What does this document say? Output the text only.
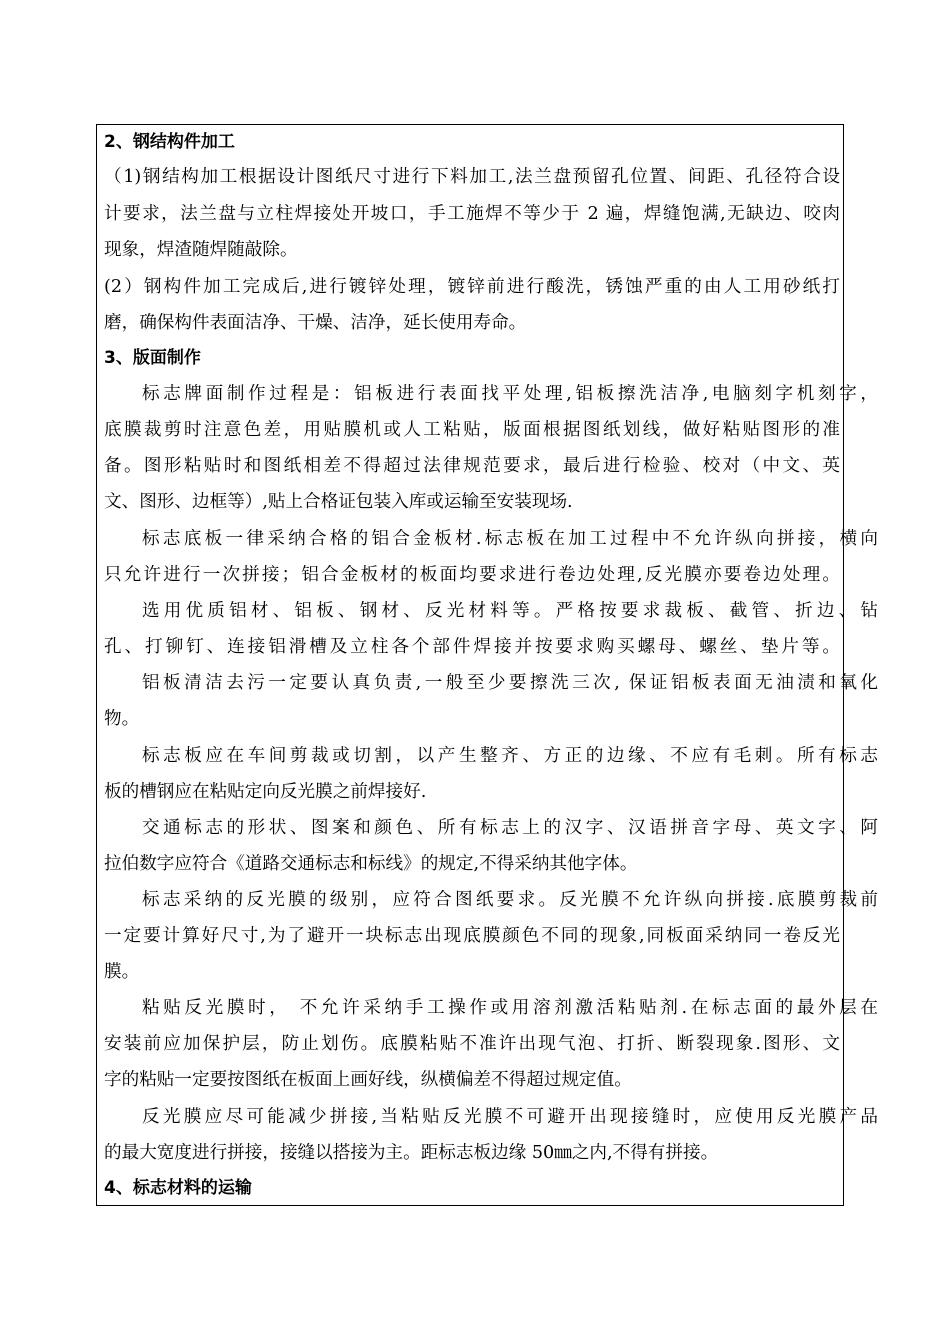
2、钢结构件加工
（1)钢结构加工根据设计图纸尺寸进行下料加工,法兰盘预留孔位置、间距、孔径符合设
计要求，法兰盘与立柱焊接处开坡口，手工施焊不等少于 2 遍，焊缝饱满,无缺边、咬肉
现象，焊渣随焊随敲除。
(2）钢构件加工完成后,进行镀锌处理，镀锌前进行酸洗，锈蚀严重的由人工用砂纸打
磨，确保构件表面洁净、干燥、洁净，延长使用寿命。
3、版面制作
标志牌面制作过程是：铝板进行表面找平处理,铝板擦洗洁净,电脑刻字机刻字，
底膜裁剪时注意色差，用贴膜机或人工粘贴，版面根据图纸划线，做好粘贴图形的准
备。图形粘贴时和图纸相差不得超过法律规范要求，最后进行检验、校对（中文、英
文、图形、边框等）,贴上合格证包装入库或运输至安装现场.
标志底板一律采纳合格的铝合金板材.标志板在加工过程中不允许纵向拼接，横向
只允许进行一次拼接；铝合金板材的板面均要求进行卷边处理,反光膜亦要卷边处理。
选用优质铝材、铝板、钢材、反光材料等。严格按要求裁板、截管、折边、钻
孔、打铆钉、连接铝滑槽及立柱各个部件焊接并按要求购买螺母、螺丝、垫片等。
铝板清洁去污一定要认真负责,一般至少要擦洗三次, 保证铝板表面无油渍和氧化
物。
标志板应在车间剪裁或切割，以产生整齐、方正的边缘、不应有毛刺。所有标志
板的槽钢应在粘贴定向反光膜之前焊接好.
交通标志的形状、图案和颜色、所有标志上的汉字、汉语拼音字母、英文字、阿
拉伯数字应符合《道路交通标志和标线》的规定,不得采纳其他字体。
标志采纳的反光膜的级别，应符合图纸要求。反光膜不允许纵向拼接.底膜剪裁前
一定要计算好尺寸,为了避开一块标志出现底膜颜色不同的现象,同板面采纳同一卷反光
膜。
粘贴反光膜时， 不允许采纳手工操作或用溶剂激活粘贴剂.在标志面的最外层在
安装前应加保护层，防止划伤。底膜粘贴不准许出现气泡、打折、断裂现象.图形、文
字的粘贴一定要按图纸在板面上画好线，纵横偏差不得超过规定值。
反光膜应尽可能减少拼接,当粘贴反光膜不可避开出现接缝时，应使用反光膜产品
的最大宽度进行拼接，接缝以搭接为主。距标志板边缘 50㎜之内,不得有拼接。
4、标志材料的运输
